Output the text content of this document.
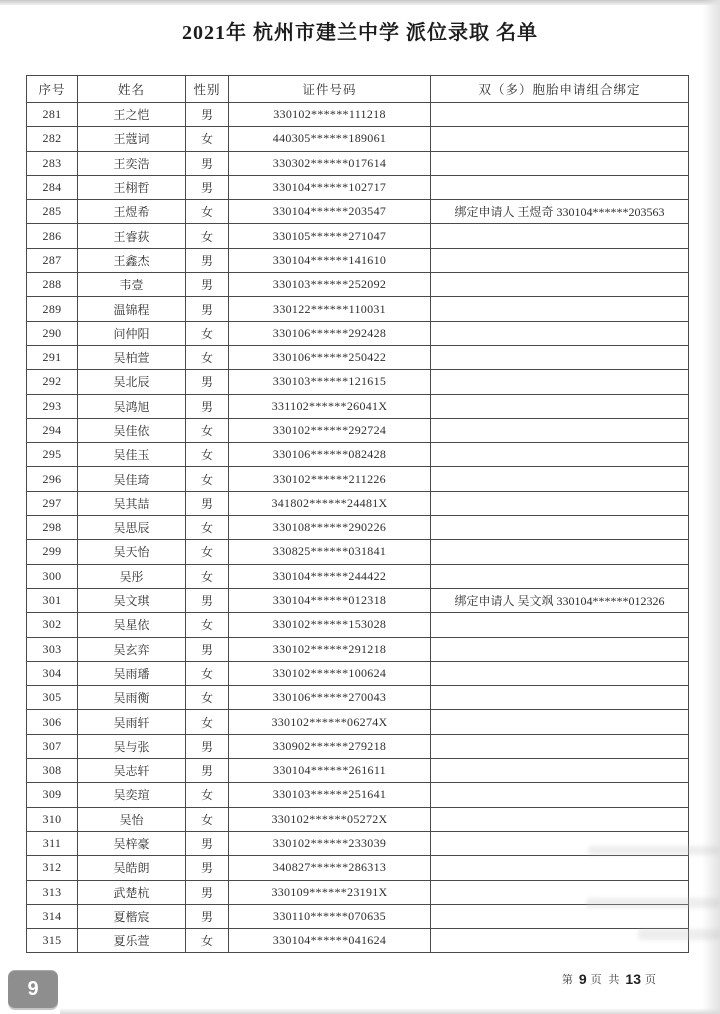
2021年 杭州市建兰中学 派位录取 名单
序号	姓名	性别	证件号码	双（多）胞胎申请组合绑定
281	王之恺	男	330102******111218	
282	王蔻词	女	440305******189061	
283	王奕浩	男	330302******017614	
284	王栩哲	男	330104******102717	
285	王煜希	女	330104******203547	绑定申请人 王煜奇 330104******203563
286	王睿荻	女	330105******271047	
287	王鑫杰	男	330104******141610	
288	韦壹	男	330103******252092	
289	温锦程	男	330122******110031	
290	问仲阳	女	330106******292428	
291	吴柏萱	女	330106******250422	
292	吴北辰	男	330103******121615	
293	吴鸿旭	男	331102******26041X	
294	吴佳依	女	330102******292724	
295	吴佳玉	女	330106******082428	
296	吴佳琦	女	330102******211226	
297	吴其喆	男	341802******24481X	
298	吴思辰	女	330108******290226	
299	吴天怡	女	330825******031841	
300	吴彤	女	330104******244422	
301	吴文琪	男	330104******012318	绑定申请人 吴文飒 330104******012326
302	吴星依	女	330102******153028	
303	吴玄弈	男	330102******291218	
304	吴雨璠	女	330102******100624	
305	吴雨衡	女	330106******270043	
306	吴雨轩	女	330102******06274X	
307	吴与张	男	330902******279218	
308	吴志轩	男	330104******261611	
309	吴奕瑄	女	330103******251641	
310	吴怡	女	330102******05272X	
311	吴梓豪	男	330102******233039	
312	吴皓朗	男	340827******286313	
313	武楚杭	男	330109******23191X	
314	夏楷宸	男	330110******070635	
315	夏乐萱	女	330104******041624	
第 9 页 共 13 页
9
